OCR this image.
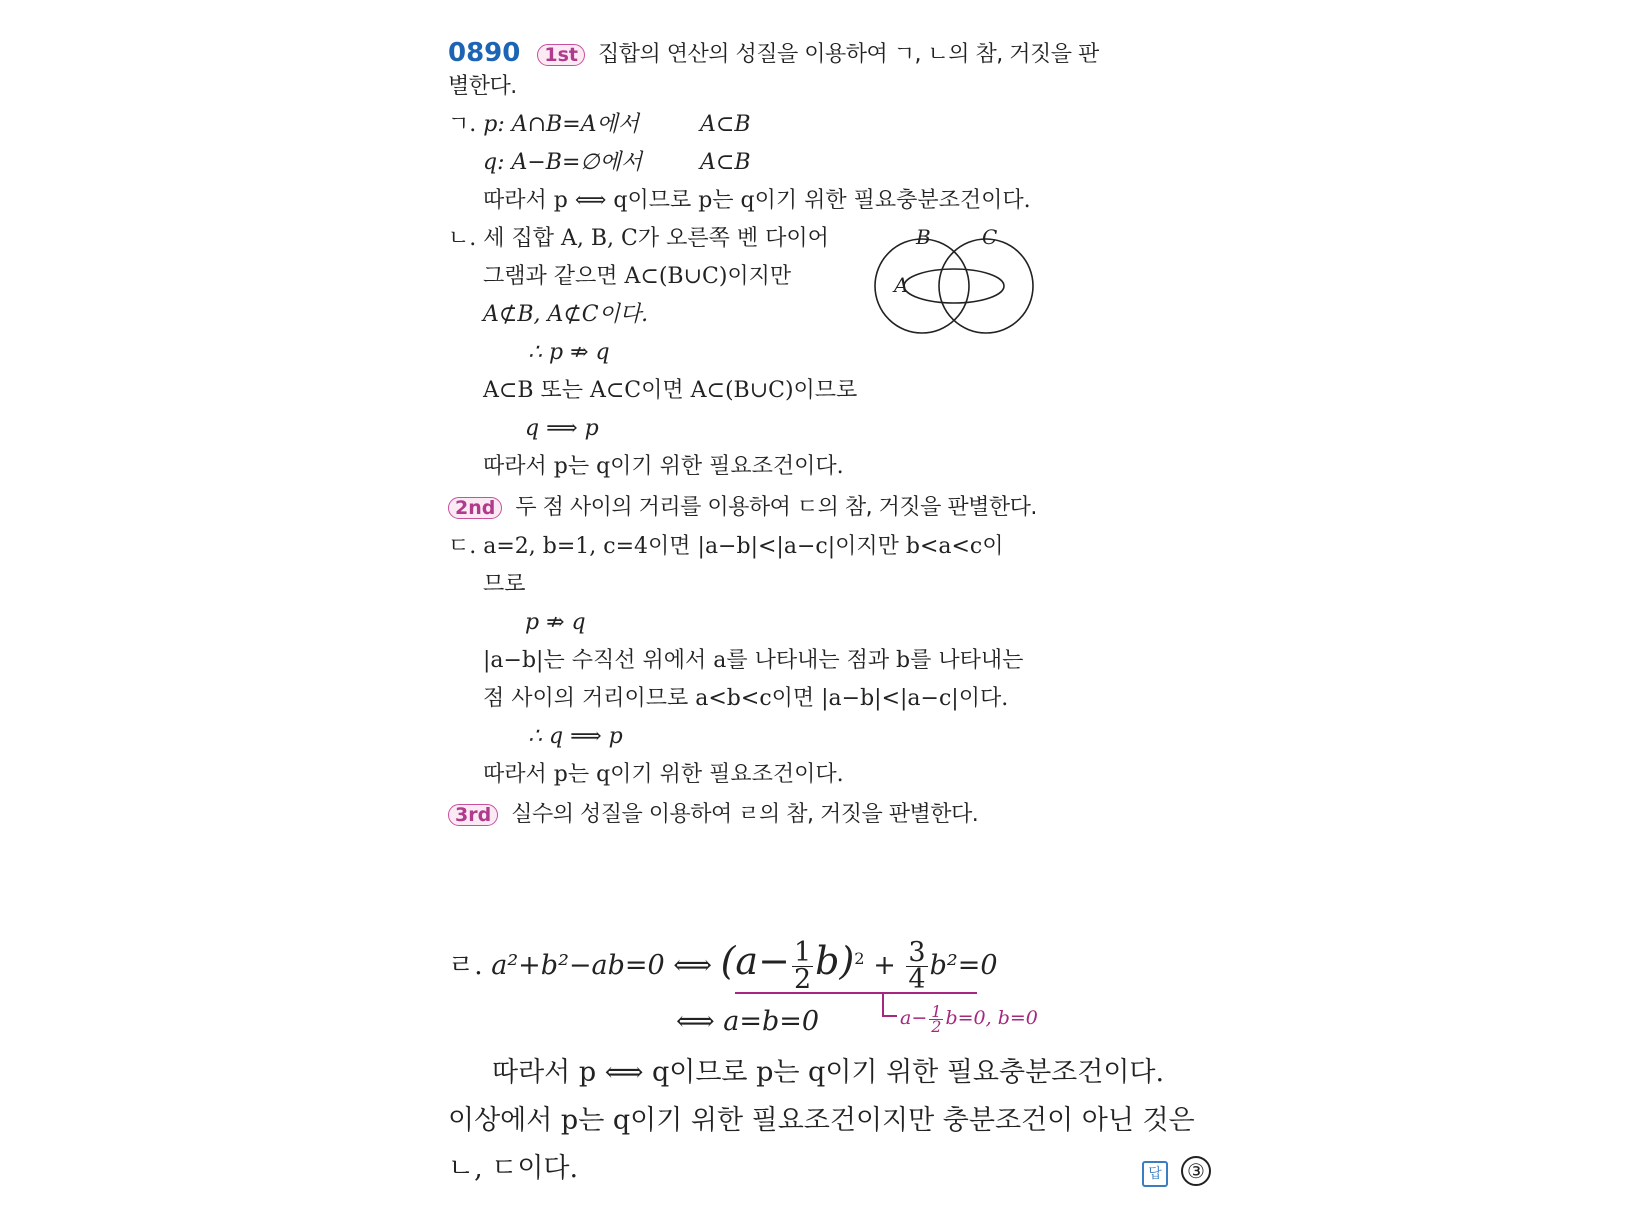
0890 1st 집합의 연산의 성질을 이용하여 ㄱ, ㄴ의 참, 거짓을 판
별한다.
ㄱ. p: A∩B=A에서	A⊂B
q: A−B=∅에서	A⊂B
따라서 p ⟺ q이므로 p는 q이기 위한 필요충분조건이다.
ㄴ. 세 집합 A, B, C가 오른쪽 벤 다이어
그램과 같으면 A⊂(B∪C)이지만
A⊄B, A⊄C이다.
∴ p ⇏ q
A⊂B 또는 A⊂C이면 A⊂(B∪C)이므로
q ⟹ p
따라서 p는 q이기 위한 필요조건이다.
A
B	C
2nd 두 점 사이의 거리를 이용하여 ㄷ의 참, 거짓을 판별한다.
ㄷ. a=2, b=1, c=4이면 |a−b|<|a−c|이지만 b<a<c이
므로
p ⇏ q
|a−b|는 수직선 위에서 a를 나타내는 점과 b를 나타내는
점 사이의 거리이므로 a<b<c이면 |a−b|<|a−c|이다.
∴ q ⟹ p
따라서 p는 q이기 위한 필요조건이다.
3rd 실수의 성질을 이용하여 ㄹ의 참, 거짓을 판별한다.
ㄹ. a²+b²−ab=0 ⟺ $(a- \frac{1}{2} b)^2 + \frac{3}{4} b^2=0$
⟺ a=b=0	$a- \frac{1}{2} b=0$, b=0
따라서 p ⟺ q이므로 p는 q이기 위한 필요충분조건이다.
이상에서 p는 q이기 위한 필요조건이지만 충분조건이 아닌 것은
ㄴ, ㄷ이다.	답 ③
